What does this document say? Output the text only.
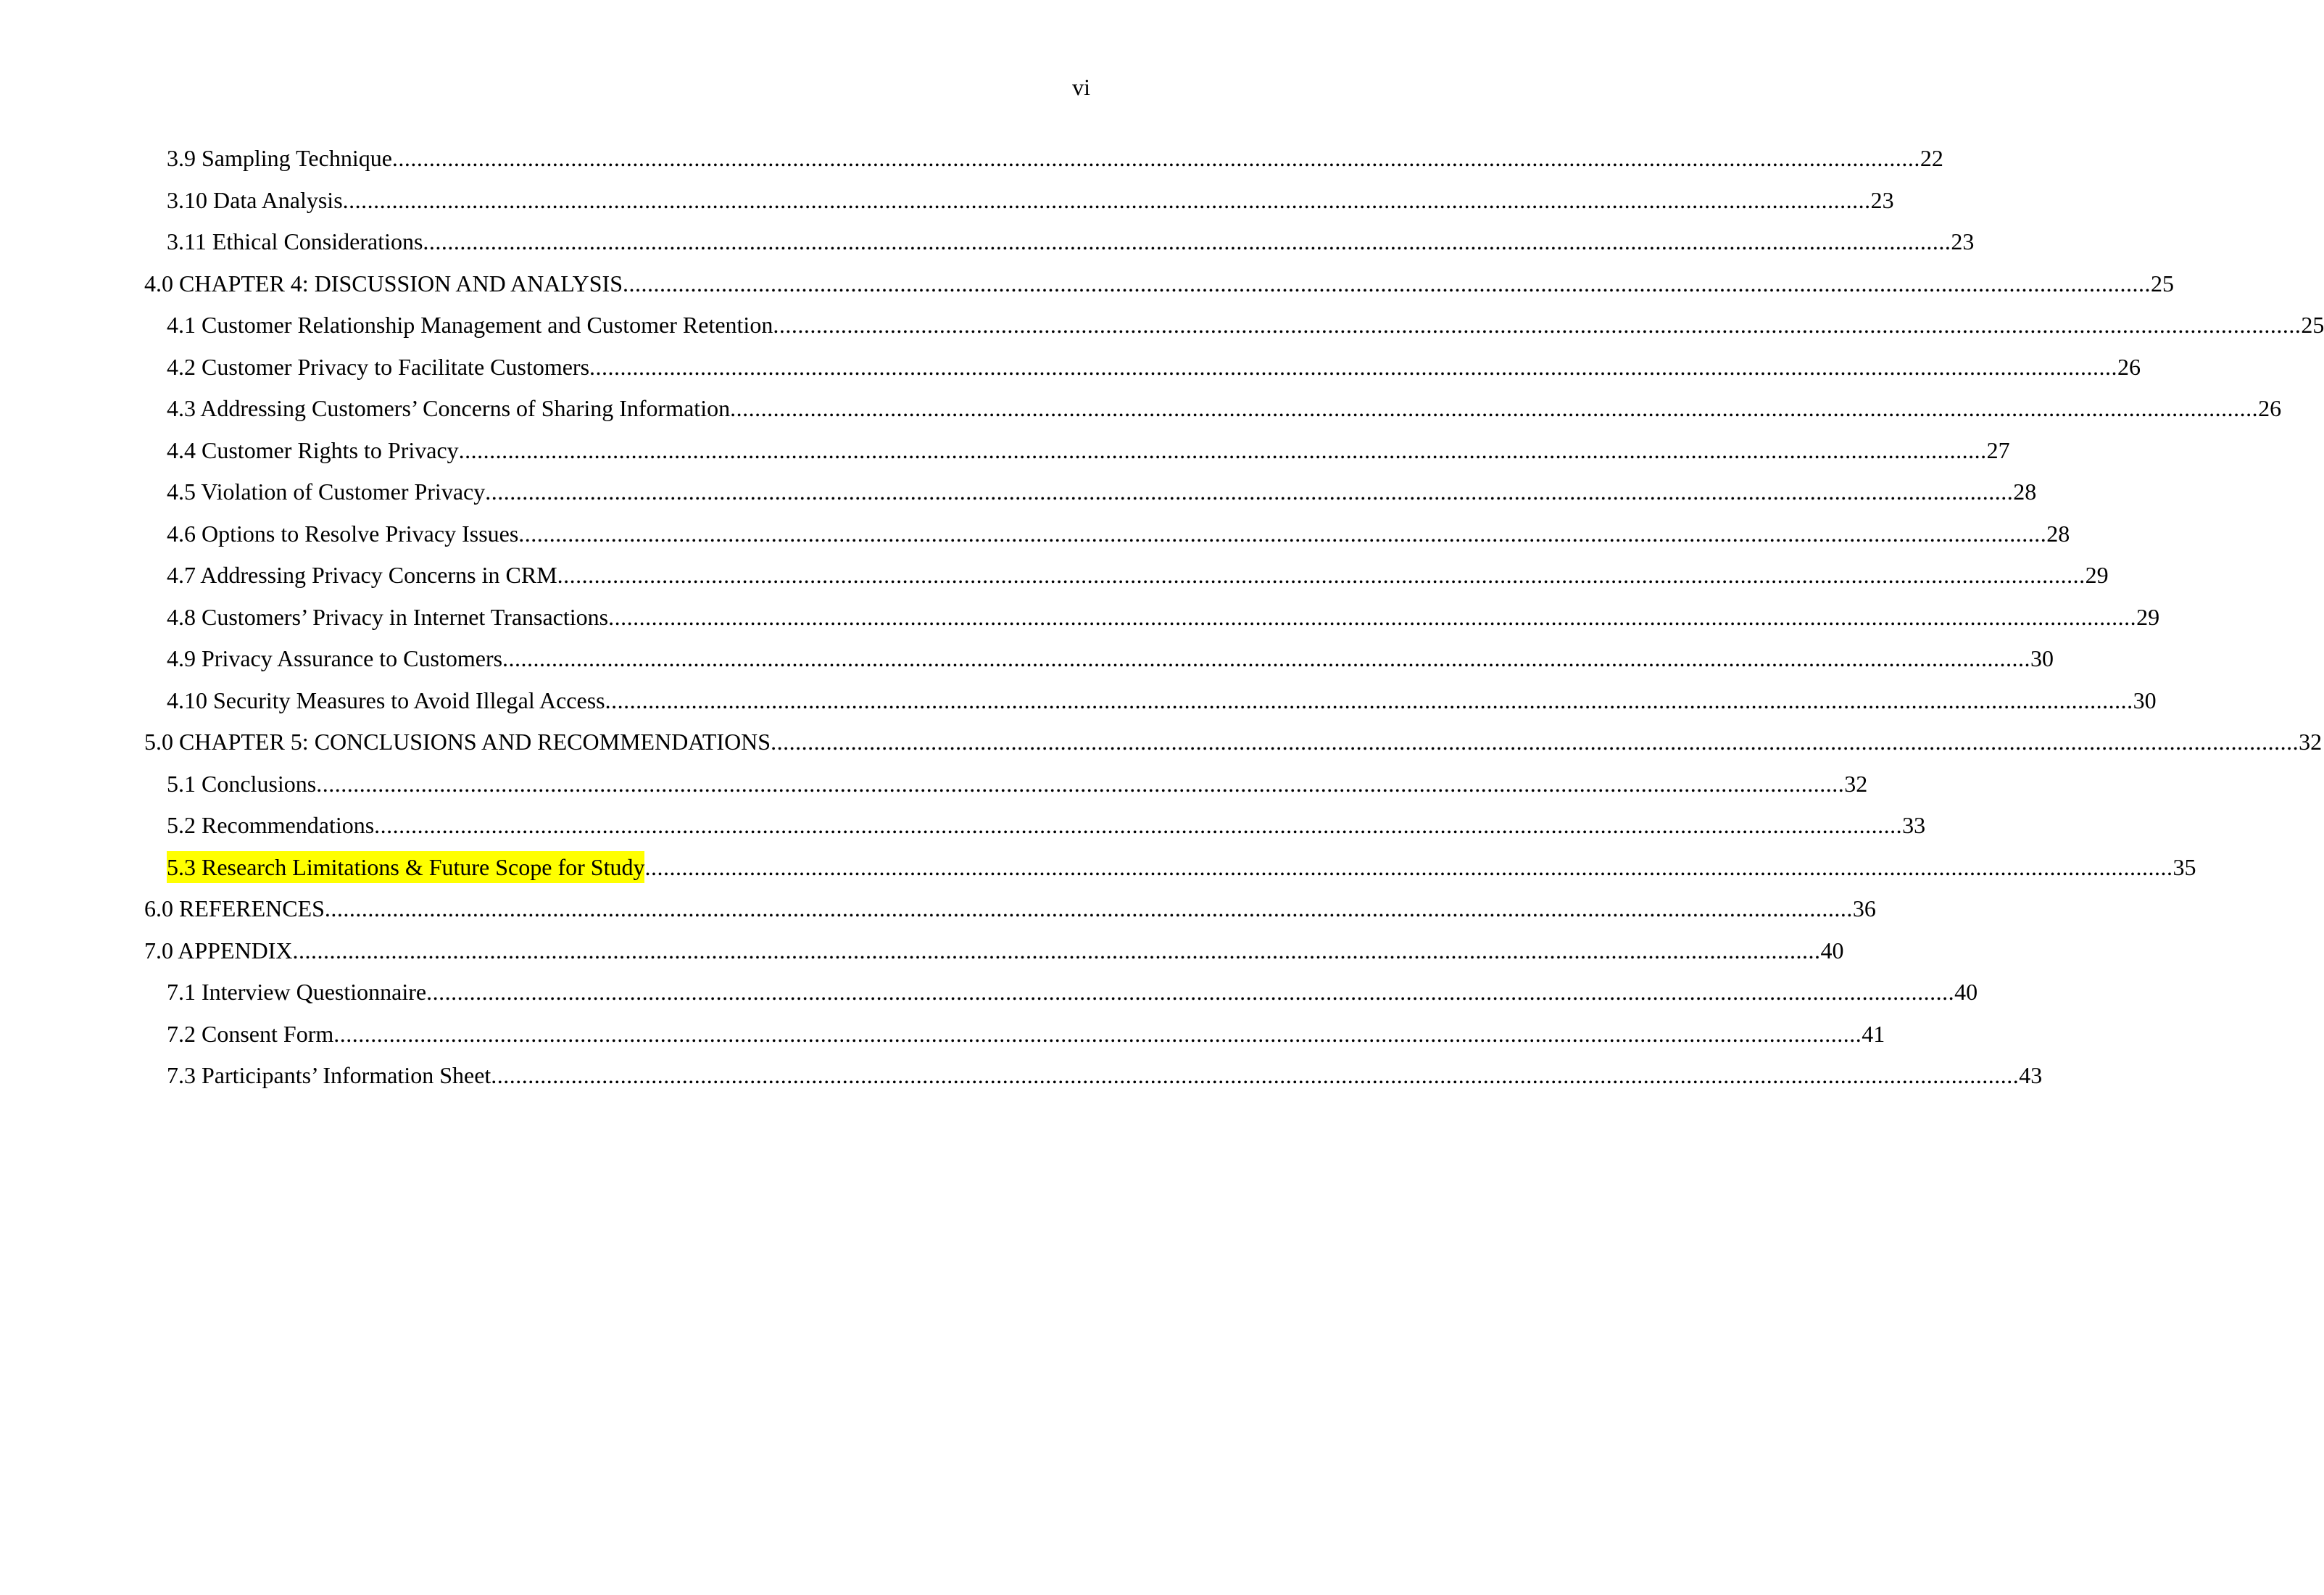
vi
3.9 Sampling Technique ........................................................................................................................................................................................................................................................ 22
3.10 Data Analysis ........................................................................................................................................................................................................................................................ 23
3.11 Ethical Considerations ........................................................................................................................................................................................................................................................ 23
4.0 CHAPTER 4: DISCUSSION AND ANALYSIS ........................................................................................................................................................................................................................................................ 25
4.1 Customer Relationship Management and Customer Retention ........................................................................................................................................................................................................................................................ 25
4.2 Customer Privacy to Facilitate Customers ........................................................................................................................................................................................................................................................ 26
4.3 Addressing Customers’ Concerns of Sharing Information ........................................................................................................................................................................................................................................................ 26
4.4 Customer Rights to Privacy ........................................................................................................................................................................................................................................................ 27
4.5 Violation of Customer Privacy ........................................................................................................................................................................................................................................................ 28
4.6 Options to Resolve Privacy Issues ........................................................................................................................................................................................................................................................ 28
4.7 Addressing Privacy Concerns in CRM ........................................................................................................................................................................................................................................................ 29
4.8 Customers’ Privacy in Internet Transactions ........................................................................................................................................................................................................................................................ 29
4.9 Privacy Assurance to Customers ........................................................................................................................................................................................................................................................ 30
4.10 Security Measures to Avoid Illegal Access ........................................................................................................................................................................................................................................................ 30
5.0 CHAPTER 5: CONCLUSIONS AND RECOMMENDATIONS ........................................................................................................................................................................................................................................................ 32
5.1 Conclusions ........................................................................................................................................................................................................................................................ 32
5.2 Recommendations ........................................................................................................................................................................................................................................................ 33
5.3 Research Limitations & Future Scope for Study ........................................................................................................................................................................................................................................................ 35
6.0 REFERENCES ........................................................................................................................................................................................................................................................ 36
7.0 APPENDIX ........................................................................................................................................................................................................................................................ 40
7.1 Interview Questionnaire ........................................................................................................................................................................................................................................................ 40
7.2 Consent Form ........................................................................................................................................................................................................................................................ 41
7.3 Participants’ Information Sheet ........................................................................................................................................................................................................................................................ 43
